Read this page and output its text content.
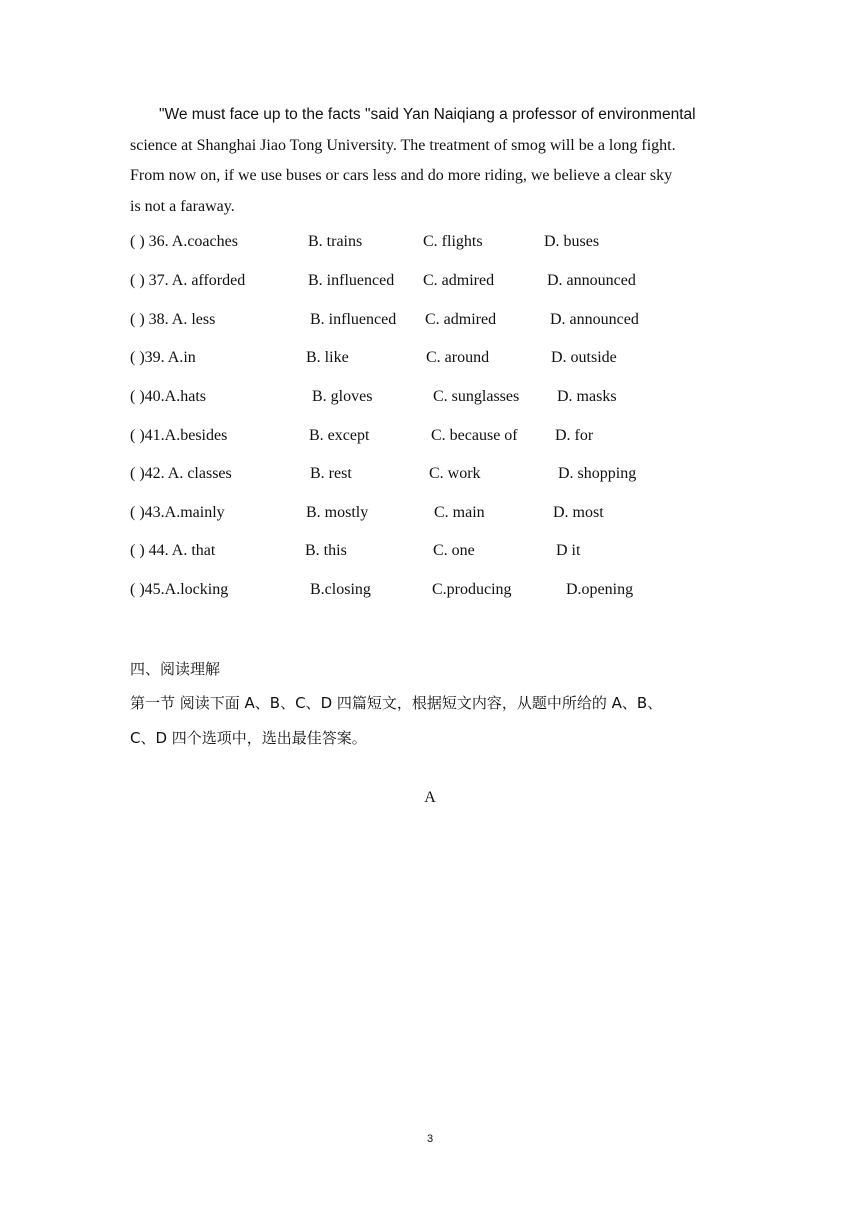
"We must face up to the facts "said Yan Naiqiang a professor of environmental
science at Shanghai Jiao Tong University. The treatment of smog will be a long fight.
From now on, if we use buses or cars less and do more riding, we believe a clear sky
is not a faraway.
( ) 36. A.coaches	B. trains	C. flights	D. buses
( ) 37. A. afforded	B. influenced C. admired	D. announced
( ) 38. A. less	B. influenced C. admired	D. announced
( )39. A.in	B. like	C. around	D. outside
( )40.A.hats	B. gloves	C. sunglasses D. masks
( )41.A.besides	B. except	C. because of D. for
( )42. A. classes	B. rest	C. work	D. shopping
( )43.A.mainly	B. mostly	C. main	D. most
( ) 44. A. that	B. this	C. one	D it
( )45.A.locking	B.closing	C.producing	D.opening
四、阅读理解
第一节 阅读下面 A、B、C、D 四篇短文，根据短文内容，从题中所给的 A、B、
C、D 四个选项中，选出最佳答案。
A
3
